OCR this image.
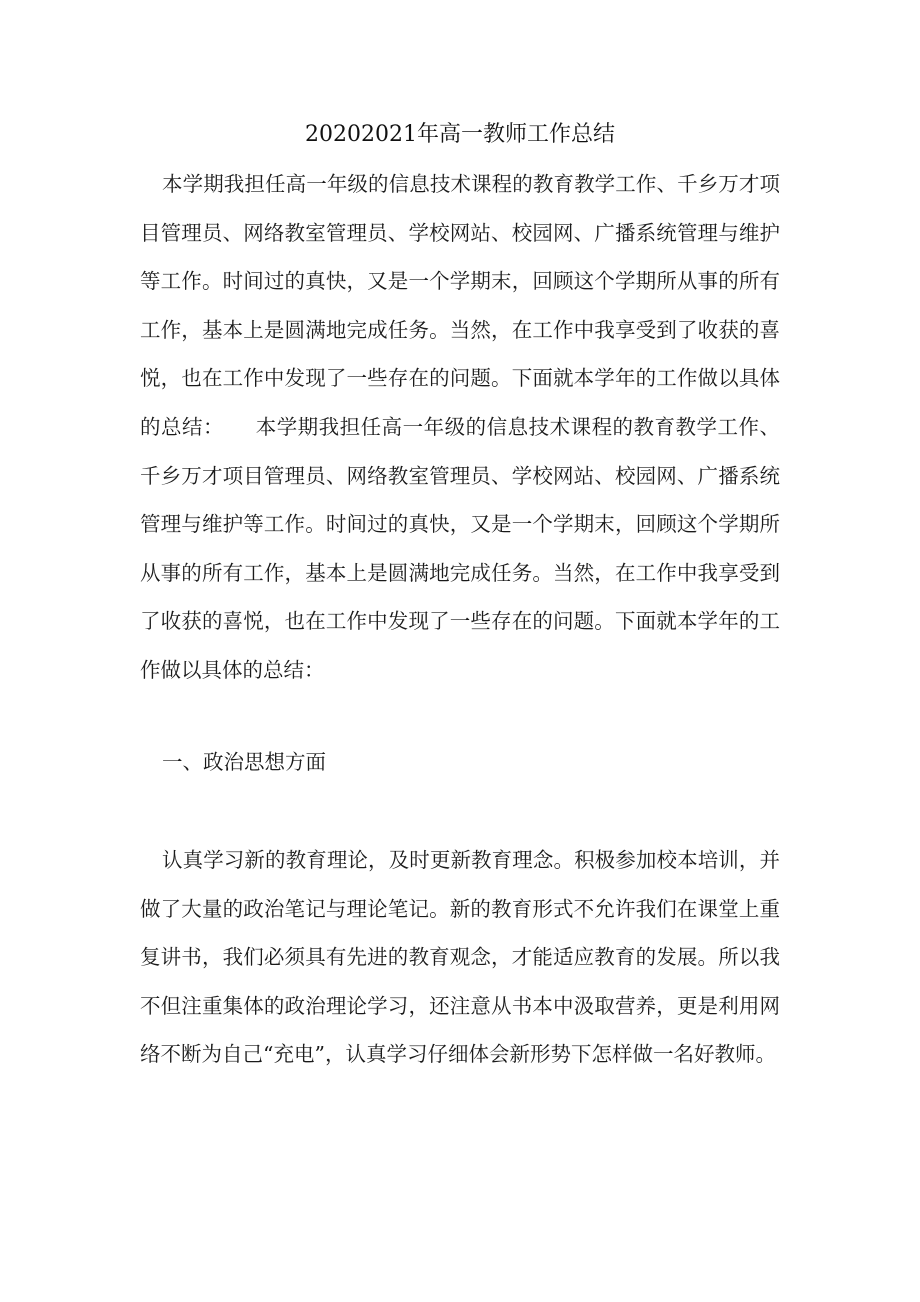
20202021年高一教师工作总结

本学期我担任高一年级的信息技术课程的教育教学工作、千乡万才项目管理员、网络教室管理员、学校网站、校园网、广播系统管理与维护等工作。时间过的真快，又是一个学期末，回顾这个学期所从事的所有工作，基本上是圆满地完成任务。当然，在工作中我享受到了收获的喜悦，也在工作中发现了一些存在的问题。下面就本学年的工作做以具体的总结：　　本学期我担任高一年级的信息技术课程的教育教学工作、千乡万才项目管理员、网络教室管理员、学校网站、校园网、广播系统管理与维护等工作。时间过的真快，又是一个学期末，回顾这个学期所从事的所有工作，基本上是圆满地完成任务。当然，在工作中我享受到了收获的喜悦，也在工作中发现了一些存在的问题。下面就本学年的工作做以具体的总结：

一、政治思想方面

认真学习新的教育理论，及时更新教育理念。积极参加校本培训，并做了大量的政治笔记与理论笔记。新的教育形式不允许我们在课堂上重复讲书，我们必须具有先进的教育观念，才能适应教育的发展。所以我不但注重集体的政治理论学习，还注意从书本中汲取营养，更是利用网络不断为自己“充电”，认真学习仔细体会新形势下怎样做一名好教师。
